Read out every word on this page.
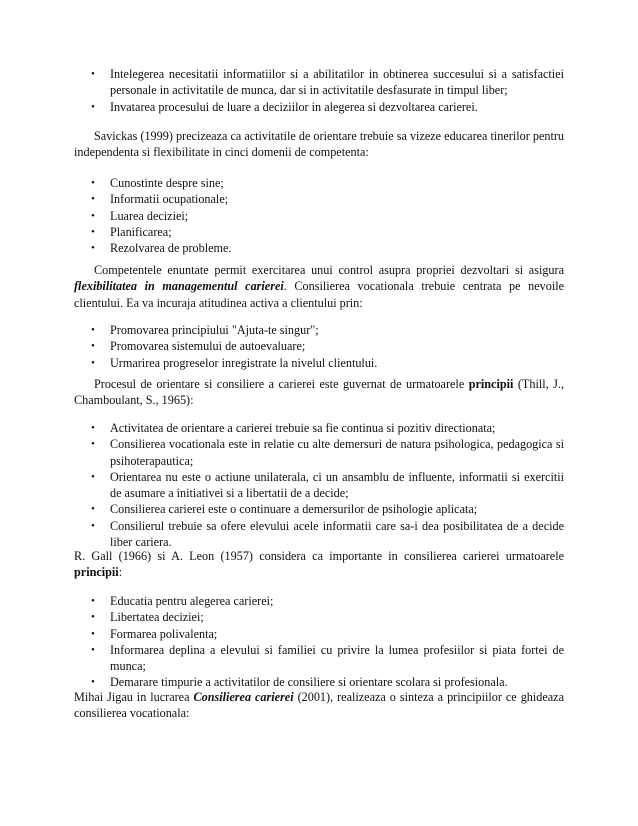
• Intelegerea necesitatii informatiilor si a abilitatilor in obtinerea succesului si a satisfactiei personale in activitatile de munca, dar si in activitatile desfasurate in timpul liber;
• Invatarea procesului de luare a deciziilor in alegerea si dezvoltarea carierei.

Savickas (1999) precizeaza ca activitatile de orientare trebuie sa vizeze educarea tinerilor pentru independenta si flexibilitate in cinci domenii de competenta:

• Cunostinte despre sine;
• Informatii ocupationale;
• Luarea deciziei;
• Planificarea;
• Rezolvarea de probleme.

Competentele enuntate permit exercitarea unui control asupra propriei dezvoltari si asigura flexibilitatea in managementul carierei. Consilierea vocationala trebuie centrata pe nevoile clientului. Ea va incuraja atitudinea activa a clientului prin:

• Promovarea principiului "Ajuta-te singur";
• Promovarea sistemului de autoevaluare;
• Urmarirea progreselor inregistrate la nivelul clientului.

Procesul de orientare si consiliere a carierei este guvernat de urmatoarele principii (Thill, J., Chamboulant, S., 1965):

• Activitatea de orientare a carierei trebuie sa fie continua si pozitiv directionata;
• Consilierea vocationala este in relatie cu alte demersuri de natura psihologica, pedagogica si psihoterapautica;
• Orientarea nu este o actiune unilaterala, ci un ansamblu de influente, informatii si exercitii de asumare a initiativei si a libertatii de a decide;
• Consilierea carierei este o continuare a demersurilor de psihologie aplicata;
• Consilierul trebuie sa ofere elevului acele informatii care sa-i dea posibilitatea de a decide liber cariera.

R. Gall (1966) si A. Leon (1957) considera ca importante in consilierea carierei urmatoarele principii:

• Educatia pentru alegerea carierei;
• Libertatea deciziei;
• Formarea polivalenta;
• Informarea deplina a elevului si familiei cu privire la lumea profesiilor si piata fortei de munca;
• Demarare timpurie a activitatilor de consiliere si orientare scolara si profesionala.

Mihai Jigau in lucrarea Consilierea carierei (2001), realizeaza o sinteza a principiilor ce ghideaza consilierea vocationala:
